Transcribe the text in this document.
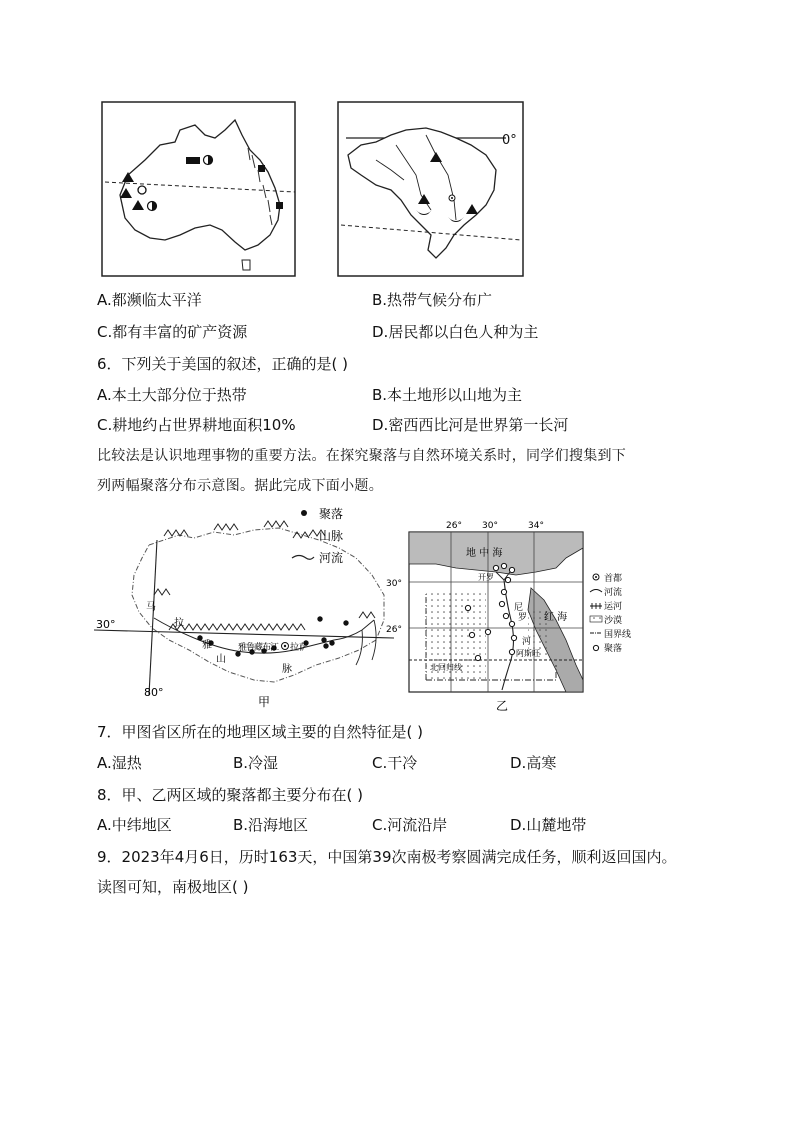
0°
A.都濒临太平洋	B.热带气候分布广
C.都有丰富的矿产资源	D.居民都以白色人种为主
6．下列关于美国的叙述，正确的是( )
A.本土大部分位于热带	B.本土地形以山地为主
C.耕地约占世界耕地面积10%	D.密西西比河是世界第一长河
比较法是认识地理事物的重要方法。在探究聚落与自然环境关系时，同学们搜集到下
列两幅聚落分布示意图。据此完成下面小题。
马
拉
雅
山
脉
雅
鲁
藏
布
江 拉萨
30°
80°
甲
聚落
山脉
河流
26° 30°	34°
30°
26°
地 中 海
红 海
开罗
尼
罗
河
阿斯旺
北回归线
首都
河流
运河
沙漠
国界线
聚落
乙
7．甲图省区所在的地理区域主要的自然特征是( )
A.湿热	B.冷湿	C.干冷	D.高寒
8．甲、乙两区域的聚落都主要分布在( )
A.中纬地区	B.沿海地区	C.河流沿岸	D.山麓地带
9．2023年4月6日，历时163天，中国第39次南极考察圆满完成任务，顺利返回国内。
读图可知，南极地区( )
